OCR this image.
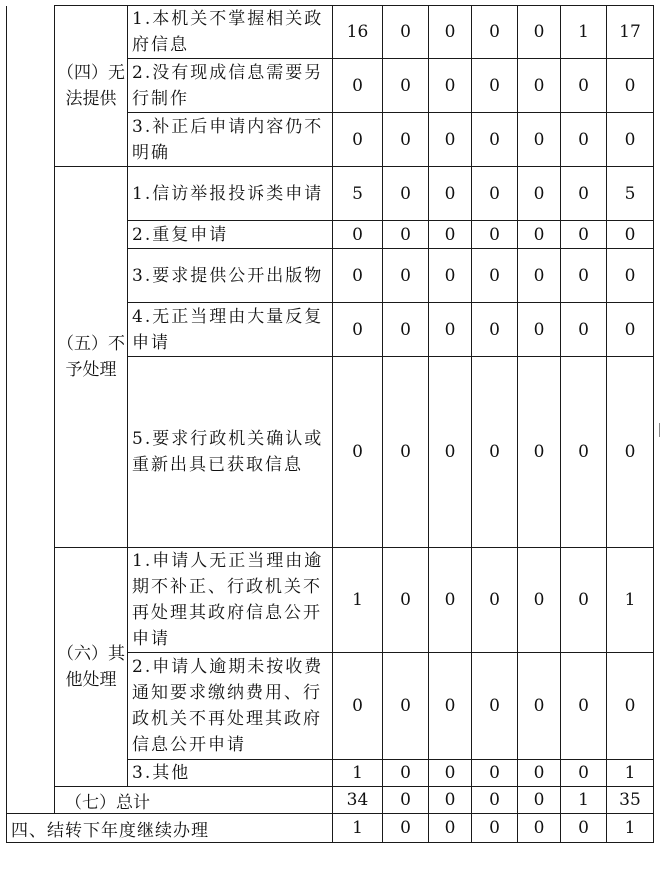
	（四）无法提供	1.本机关不掌握相关政府信息	16	0	0	0	0	1	17
		2.没有现成信息需要另行制作	0	0	0	0	0	0	0
		3.补正后申请内容仍不明确	0	0	0	0	0	0	0
	（五）不予处理	1.信访举报投诉类申请	5	0	0	0	0	0	5
		2.重复申请	0	0	0	0	0	0	0
		3.要求提供公开出版物	0	0	0	0	0	0	0
		4.无正当理由大量反复申请	0	0	0	0	0	0	0
		5.要求行政机关确认或重新出具已获取信息	0	0	0	0	0	0	0
	（六）其他处理	1.申请人无正当理由逾期不补正、行政机关不再处理其政府信息公开申请	1	0	0	0	0	0	1
		2.申请人逾期未按收费通知要求缴纳费用、行政机关不再处理其政府信息公开申请	0	0	0	0	0	0	0
		3.其他	1	0	0	0	0	0	1
	（七）总计		34	0	0	0	0	1	35
四、结转下年度继续办理			1	0	0	0	0	0	1
